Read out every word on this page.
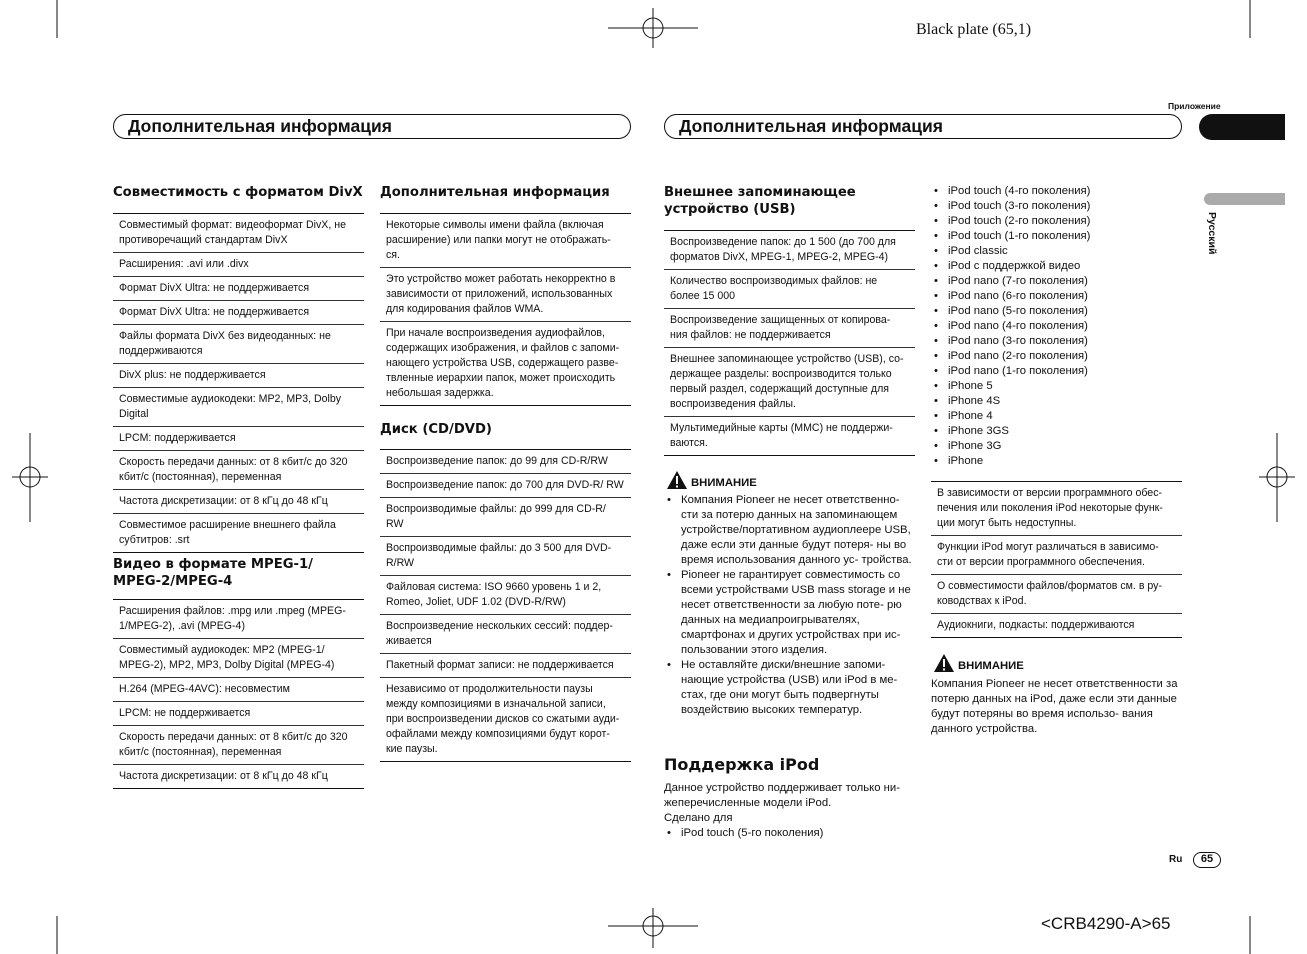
Black plate (65,1)
<CRB4290-A>65
Приложение
Русский
Дополнительная информация	Дополнительная информация
Совместимость с форматом DivX
Совместимый формат: видеоформат DivX, не противоречащий стандартам DivX
Расширения: .avi или .divx
Формат DivX Ultra: не поддерживается
Формат DivX Ultra: не поддерживается
Файлы формата DivX без видеоданных: не поддерживаются
DivX plus: не поддерживается
Совместимые аудиокодеки: MP2, MP3, Dolby Digital
LPCM: поддерживается
Скорость передачи данных: от 8 кбит/с до 320 кбит/с (постоянная), переменная
Частота дискретизации: от 8 кГц до 48 кГц
Совместимое расширение внешнего файла субтитров: .srt
Видео в формате MPEG-1/ MPEG-2/MPEG-4
Расширения файлов: .mpg или .mpeg (MPEG-1/MPEG-2), .avi (MPEG-4)
Совместимый аудиокодек: MP2 (MPEG-1/ MPEG-2), MP2, MP3, Dolby Digital (MPEG-4)
H.264 (MPEG-4AVC): несовместим
LPCM: не поддерживается
Скорость передачи данных: от 8 кбит/с до 320 кбит/с (постоянная), переменная
Частота дискретизации: от 8 кГц до 48 кГц
Дополнительная информация
Некоторые символы имени файла (включая расширение) или папки могут не отображать- ся.
Это устройство может работать некорректно в зависимости от приложений, использованных для кодирования файлов WMA.
При начале воспроизведения аудиофайлов, содержащих изображения, и файлов с запоми- нающего устройства USB, содержащего разве- твленные иерархии папок, может происходить небольшая задержка.
Диск (CD/DVD)
Воспроизведение папок: до 99 для CD-R/RW
Воспроизведение папок: до 700 для DVD-R/ RW
Воспроизводимые файлы: до 999 для CD-R/ RW
Воспроизводимые файлы: до 3 500 для DVD- R/RW
Файловая система: ISO 9660 уровень 1 и 2, Romeo, Joliet, UDF 1.02 (DVD-R/RW)
Воспроизведение нескольких сессий: поддер- живается
Пакетный формат записи: не поддерживается
Независимо от продолжительности паузы между композициями в изначальной записи, при воспроизведении дисков со сжатыми ауди- офайлами между композициями будут корот- кие паузы.
Внешнее запоминающее устройство (USB)
Воспроизведение папок: до 1 500 (до 700 для форматов DivX, MPEG-1, MPEG-2, MPEG-4)
Количество воспроизводимых файлов: не более 15 000
Воспроизведение защищенных от копирова- ния файлов: не поддерживается
Внешнее запоминающее устройство (USB), со- держащее разделы: воспроизводится только первый раздел, содержащий доступные для воспроизведения файлы.
Мультимедийные карты (MMC) не поддержи- ваются.
ВНИМАНИЕ
• Компания Pioneer не несет ответственно- сти за потерю данных на запоминающем устройстве/портативном аудиоплеере USB, даже если эти данные будут потеря- ны во время использования данного ус- тройства.
• Pioneer не гарантирует совместимость со всеми устройствами USB mass storage и не несет ответственности за любую поте- рю данных на медиапроигрывателях, смартфонах и других устройствах при ис- пользовании этого изделия.
• Не оставляйте диски/внешние запоми- нающие устройства (USB) или iPod в ме- стах, где они могут быть подвергнуты воздействию высоких температур.
Поддержка iPod
Данное устройство поддерживает только ни- жеперечисленные модели iPod.
Сделано для
• iPod touch (5-го поколения)
• iPod touch (4-го поколения)
• iPod touch (3-го поколения)
• iPod touch (2-го поколения)
• iPod touch (1-го поколения)
• iPod classic
• iPod с поддержкой видео
• iPod nano (7-го поколения)
• iPod nano (6-го поколения)
• iPod nano (5-го поколения)
• iPod nano (4-го поколения)
• iPod nano (3-го поколения)
• iPod nano (2-го поколения)
• iPod nano (1-го поколения)
• iPhone 5
• iPhone 4S
• iPhone 4
• iPhone 3GS
• iPhone 3G
• iPhone
В зависимости от версии программного обес- печения или поколения iPod некоторые функ- ции могут быть недоступны.
Функции iPod могут различаться в зависимо- сти от версии программного обеспечения.
О совместимости файлов/форматов см. в ру- ководствах к iPod.
Аудиокниги, подкасты: поддерживаются
ВНИМАНИЕ
Компания Pioneer не несет ответственности за потерю данных на iPod, даже если эти данные будут потеряны во время использо- вания данного устройства.
Ru	65
